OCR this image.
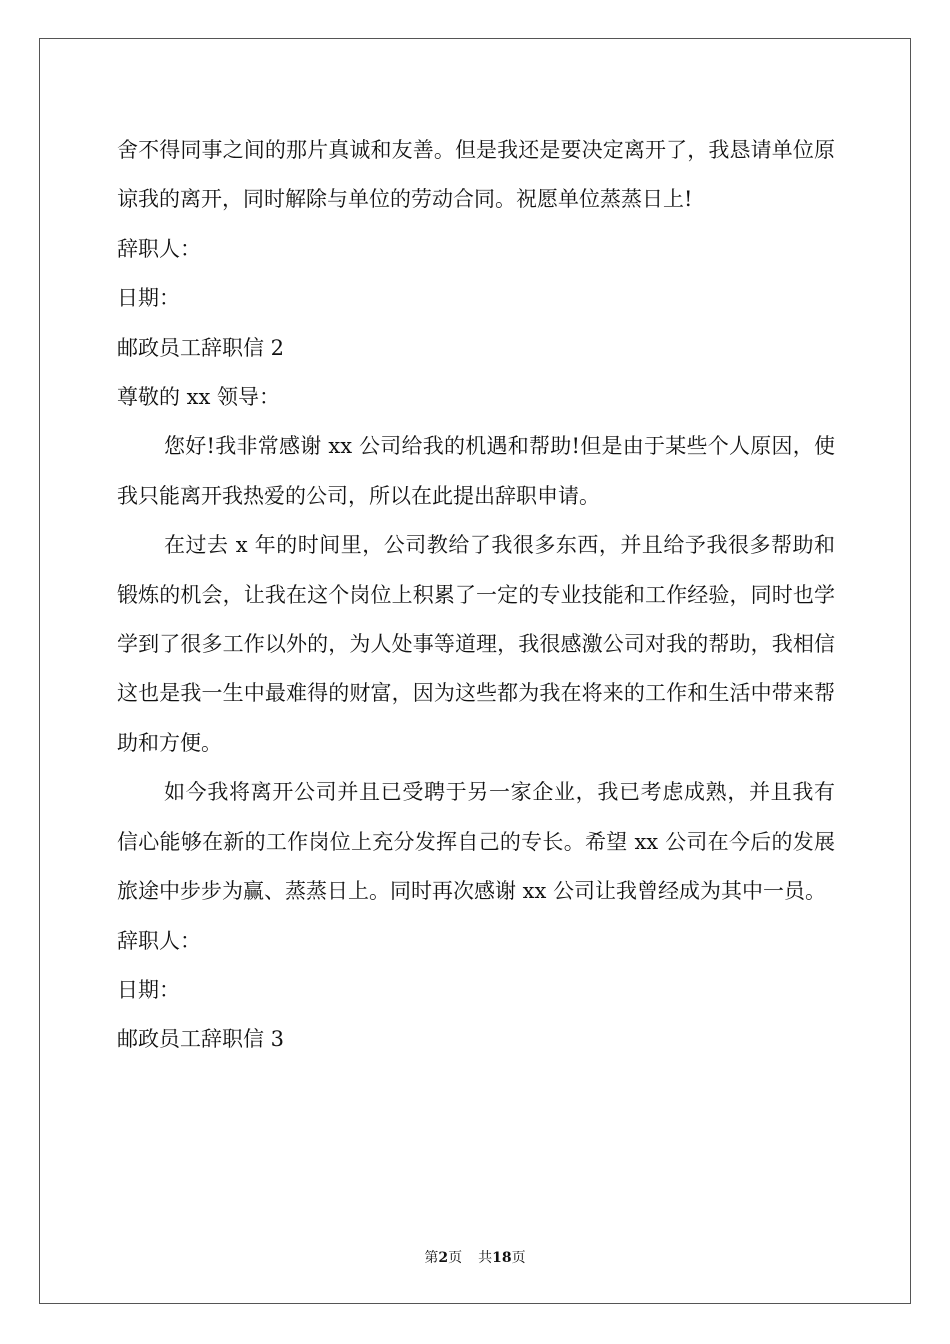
舍不得同事之间的那片真诚和友善。但是我还是要决定离开了，我恳请单位原谅我的离开，同时解除与单位的劳动合同。祝愿单位蒸蒸日上!

辞职人：

日期：

邮政员工辞职信 2

尊敬的 xx 领导：

您好!我非常感谢 xx 公司给我的机遇和帮助!但是由于某些个人原因，使我只能离开我热爱的公司，所以在此提出辞职申请。

在过去 x 年的时间里，公司教给了我很多东西，并且给予我很多帮助和锻炼的机会，让我在这个岗位上积累了一定的专业技能和工作经验，同时也学学到了很多工作以外的，为人处事等道理，我很感激公司对我的帮助，我相信这也是我一生中最难得的财富，因为这些都为我在将来的工作和生活中带来帮助和方便。

如今我将离开公司并且已受聘于另一家企业，我已考虑成熟，并且我有信心能够在新的工作岗位上充分发挥自己的专长。希望 xx 公司在今后的发展旅途中步步为赢、蒸蒸日上。同时再次感谢 xx 公司让我曾经成为其中一员。

辞职人：

日期：

邮政员工辞职信 3

第2页 共18页
